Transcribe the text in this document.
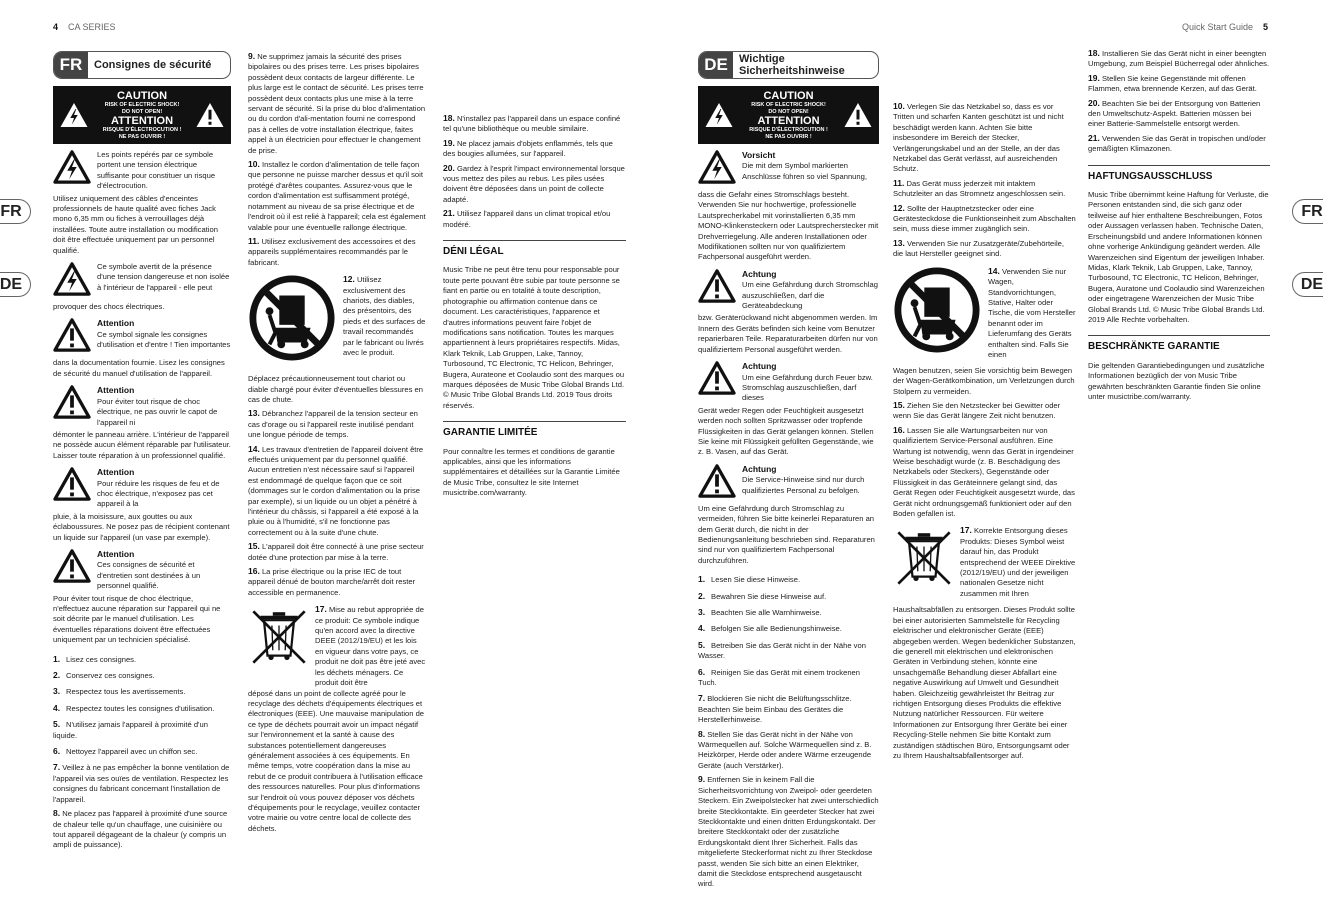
4 CA SERIES	Quick Start Guide 5
FR
DE
FR
DE
FR	Consignes de sécurité
CAUTION
RISK OF ELECTRIC SHOCK!
DO NOT OPEN!
ATTENTION
RISQUE D'ÉLECTROCUTION !
NE PAS OUVRIR !
Les points repérés par ce symbole portent une tension électrique suffisante pour constituer un risque d'électrocution.

Utilisez uniquement des câbles d'enceintes professionnels de haute qualité avec fiches Jack mono 6,35 mm ou fiches à verrouillages déjà installées. Toute autre installation ou modification doit être effectuée uniquement par un personnel qualifié.

Ce symbole avertit de la présence d'une tension dangereuse et non isolée à l'intérieur de l'appareil - elle peut

provoquer des chocs électriques.

Attention
Ce symbol signale les consignes d'utilisation et d'entre ! Tien importantes

dans la documentation fournie. Lisez les consignes de sécurité du manuel d'utilisation de l'appareil.

Attention
Pour éviter tout risque de choc électrique, ne pas ouvrir le capot de l'appareil ni

démonter le panneau arrière. L'intérieur de l'appareil ne possède aucun élément réparable par l'utilisateur. Laisser toute réparation à un professionnel qualifié.

Attention
Pour réduire les risques de feu et de choc électrique, n'exposez pas cet appareil à la

pluie, à la moisissure, aux gouttes ou aux éclaboussures. Ne posez pas de récipient contenant un liquide sur l'appareil (un vase par exemple).

Attention
Ces consignes de sécurité et d'entretien sont destinées à un personnel qualifié.

Pour éviter tout risque de choc électrique, n'effectuez aucune réparation sur l'appareil qui ne soit décrite par le manuel d'utilisation. Les éventuelles réparations doivent être effectuées uniquement par un technicien spécialisé.

1. Lisez ces consignes.
2. Conservez ces consignes.
3. Respectez tous les avertissements.
4. Respectez toutes les consignes d'utilisation.
5. N'utilisez jamais l'appareil à proximité d'un liquide.
6. Nettoyez l'appareil avec un chiffon sec.

7. Veillez à ne pas empêcher la bonne ventilation de l'appareil via ses ouïes de ventilation. Respectez les consignes du fabricant concernant l'installation de l'appareil.

8. Ne placez pas l'appareil à proximité d'une source de chaleur telle qu'un chauffage, une cuisinière ou tout appareil dégageant de la chaleur (y compris un ampli de puissance).

9. Ne supprimez jamais la sécurité des prises bipolaires ou des prises terre. Les prises bipolaires possèdent deux contacts de largeur différente. Le plus large est le contact de sécurité. Les prises terre possèdent deux contacts plus une mise à la terre servant de sécurité. Si la prise du bloc d'alimentation ou du cordon d'ali-mentation fourni ne correspond pas à celles de votre installation électrique, faites appel à un électricien pour effectuer le changement de prise.

10. Installez le cordon d'alimentation de telle façon que personne ne puisse marcher dessus et qu'il soit protégé d'arêtes coupantes. Assurez-vous que le cordon d'alimentation est suffisamment protégé, notamment au niveau de sa prise électrique et de l'endroit où il est relié à l'appareil; cela est également valable pour une éventuelle rallonge électrique.

11. Utilisez exclusivement des accessoires et des appareils supplémentaires recommandés par le fabricant.

12. Utilisez exclusivement des chariots, des diables, des présentoirs, des pieds et des surfaces de travail recommandés par le fabricant ou livrés avec le produit.

Déplacez précautionneusement tout chariot ou diable chargé pour éviter d'éventuelles blessures en cas de chute.

13. Débranchez l'appareil de la tension secteur en cas d'orage ou si l'appareil reste inutilisé pendant une longue période de temps.

14. Les travaux d'entretien de l'appareil doivent être effectués uniquement par du personnel qualifié. Aucun entretien n'est nécessaire sauf si l'appareil est endommagé de quelque façon que ce soit (dommages sur le cordon d'alimentation ou la prise par exemple), si un liquide ou un objet a pénétré à l'intérieur du châssis, si l'appareil a été exposé à la pluie ou à l'humidité, s'il ne fonctionne pas correctement ou à la suite d'une chute.

15. L'appareil doit être connecté à une prise secteur dotée d'une protection par mise à la terre.

16. La prise électrique ou la prise IEC de tout appareil dénué de bouton marche/arrêt doit rester accessible en permanence.

17. Mise au rebut appropriée de ce produit: Ce symbole indique qu'en accord avec la directive DEEE (2012/19/EU) et les lois en vigueur dans votre pays, ce produit ne doit pas être jeté avec les déchets ménagers. Ce produit doit être

déposé dans un point de collecte agréé pour le recyclage des déchets d'équipements électriques et électroniques (EEE). Une mauvaise manipulation de ce type de déchets pourrait avoir un impact négatif sur l'environnement et la santé à cause des substances potentiellement dangereuses généralement associées à ces équipements. En même temps, votre coopération dans la mise au rebut de ce produit contribuera à l'utilisation efficace des ressources naturelles. Pour plus d'informations sur l'endroit où vous pouvez déposer vos déchets d'équipements pour le recyclage, veuillez contacter votre mairie ou votre centre local de collecte des déchets.

18. N'installez pas l'appareil dans un espace confiné tel qu'une bibliothèque ou meuble similaire.

19. Ne placez jamais d'objets enflammés, tels que des bougies allumées, sur l'appareil.

20. Gardez à l'esprit l'impact environnemental lorsque vous mettez des piles au rebus. Les piles usées doivent être déposées dans un point de collecte adapté.

21. Utilisez l'appareil dans un climat tropical et/ou modéré.

DÉNI LÉGAL

Music Tribe ne peut être tenu pour responsable pour toute perte pouvant être subie par toute personne se fiant en partie ou en totalité à toute description, photographie ou affirmation contenue dans ce document. Les caractéristiques, l'apparence et d'autres informations peuvent faire l'objet de modifications sans notification. Toutes les marques appartiennent à leurs propriétaires respectifs. Midas, Klark Teknik, Lab Gruppen, Lake, Tannoy, Turbosound, TC Electronic, TC Helicon, Behringer, Bugera, Aurateone et Coolaudio sont des marques ou marques déposées de Music Tribe Global Brands Ltd. © Music Tribe Global Brands Ltd. 2019 Tous droits réservés.

GARANTIE LIMITÉE

Pour connaître les termes et conditions de garantie applicables, ainsi que les informations supplémentaires et détaillées sur la Garantie Limitée de Music Tribe, consultez le site Internet musictribe.com/warranty.

DE	Wichtige
Sicherheitshinweise
CAUTION
RISK OF ELECTRIC SHOCK!
DO NOT OPEN!
ATTENTION
RISQUE D'ÉLECTROCUTION !
NE PAS OUVRIR !
Vorsicht
Die mit dem Symbol markierten Anschlüsse führen so viel Spannung,

dass die Gefahr eines Stromschlags besteht. Verwenden Sie nur hochwertige, professionelle Lautsprecherkabel mit vorinstallierten 6,35 mm MONO-Klinkensteckern oder Lautsprecherstecker mit Drehverriegelung. Alle anderen Installationen oder Modifikationen sollten nur von qualifiziertem Fachpersonal ausgeführt werden.

Achtung
Um eine Gefährdung durch Stromschlag auszuschließen, darf die Geräteabdeckung

bzw. Geräterückwand nicht abgenommen werden. Im Innern des Geräts befinden sich keine vom Benutzer reparierbaren Teile. Reparaturarbeiten dürfen nur von qualifiziertem Personal ausgeführt werden.

Achtung
Um eine Gefährdung durch Feuer bzw. Stromschlag auszuschließen, darf dieses

Gerät weder Regen oder Feuchtigkeit ausgesetzt werden noch sollten Spritzwasser oder tropfende Flüssigkeiten in das Gerät gelangen können. Stellen Sie keine mit Flüssigkeit gefüllten Gegenstände, wie z. B. Vasen, auf das Gerät.

Achtung
Die Service-Hinweise sind nur durch qualifiziertes Personal zu befolgen.

Um eine Gefährdung durch Stromschlag zu vermeiden, führen Sie bitte keinerlei Reparaturen an dem Gerät durch, die nicht in der Bedienungsanleitung beschrieben sind. Reparaturen sind nur von qualifiziertem Fachpersonal durchzuführen.

1. Lesen Sie diese Hinweise.
2. Bewahren Sie diese Hinweise auf.
3. Beachten Sie alle Warnhinweise.
4. Befolgen Sie alle Bedienungshinweise.
5. Betreiben Sie das Gerät nicht in der Nähe von Wasser.
6. Reinigen Sie das Gerät mit einem trockenen Tuch.

7. Blockieren Sie nicht die Belüftungsschlitze. Beachten Sie beim Einbau des Gerätes die Herstellerhinweise.

8. Stellen Sie das Gerät nicht in der Nähe von Wärmequellen auf. Solche Wärmequellen sind z. B. Heizkörper, Herde oder andere Wärme erzeugende Geräte (auch Verstärker).

9. Entfernen Sie in keinem Fall die Sicherheitsvorrichtung von Zweipol- oder geerdeten Steckern. Ein Zweipolstecker hat zwei unterschiedlich breite Steckkontakte. Ein geerdeter Stecker hat zwei Steckkontakte und einen dritten Erdungskontakt. Der breitere Steckkontakt oder der zusätzliche Erdungskontakt dient Ihrer Sicherheit. Falls das mitgelieferte Steckerformat nicht zu Ihrer Steckdose passt, wenden Sie sich bitte an einen Elektriker, damit die Steckdose entsprechend ausgetauscht wird.

10. Verlegen Sie das Netzkabel so, dass es vor Tritten und scharfen Kanten geschützt ist und nicht beschädigt werden kann. Achten Sie bitte insbesondere im Bereich der Stecker, Verlängerungskabel und an der Stelle, an der das Netzkabel das Gerät verlässt, auf ausreichenden Schutz.

11. Das Gerät muss jederzeit mit intaktem Schutzleiter an das Stromnetz angeschlossen sein.

12. Sollte der Hauptnetzstecker oder eine Gerätesteckdose die Funktionseinheit zum Abschalten sein, muss diese immer zugänglich sein.

13. Verwenden Sie nur Zusatzgeräte/Zubehörteile, die laut Hersteller geeignet sind.

14. Verwenden Sie nur Wagen, Standvorrichtungen, Stative, Halter oder Tische, die vom Hersteller benannt oder im Lieferumfang des Geräts enthalten sind. Falls Sie einen

Wagen benutzen, seien Sie vorsichtig beim Bewegen der Wagen-Gerätkombination, um Verletzungen durch Stolpern zu vermeiden.

15. Ziehen Sie den Netzstecker bei Gewitter oder wenn Sie das Gerät längere Zeit nicht benutzen.

16. Lassen Sie alle Wartungsarbeiten nur von qualifiziertem Service-Personal ausführen. Eine Wartung ist notwendig, wenn das Gerät in irgendeiner Weise beschädigt wurde (z. B. Beschädigung des Netzkabels oder Steckers), Gegenstände oder Flüssigkeit in das Geräteinnere gelangt sind, das Gerät Regen oder Feuchtigkeit ausgesetzt wurde, das Gerät nicht ordnungsgemäß funktioniert oder auf den Boden gefallen ist.

17. Korrekte Entsorgung dieses Produkts: Dieses Symbol weist darauf hin, das Produkt entsprechend der WEEE Direktive (2012/19/EU) und der jeweiligen nationalen Gesetze nicht zusammen mit Ihren

Haushaltsabfällen zu entsorgen. Dieses Produkt sollte bei einer autorisierten Sammelstelle für Recycling elektrischer und elektronischer Geräte (EEE) abgegeben werden. Wegen bedenklicher Substanzen, die generell mit elektrischen und elektronischen Geräten in Verbindung stehen, könnte eine unsachgemäße Behandlung dieser Abfallart eine negative Auswirkung auf Umwelt und Gesundheit haben. Gleichzeitig gewährleistet Ihr Beitrag zur richtigen Entsorgung dieses Produkts die effektive Nutzung natürlicher Ressourcen. Für weitere Informationen zur Entsorgung Ihrer Geräte bei einer Recycling-Stelle nehmen Sie bitte Kontakt zum zuständigen städtischen Büro, Entsorgungsamt oder zu Ihrem Haushaltsabfallentsorger auf.

18. Installieren Sie das Gerät nicht in einer beengten Umgebung, zum Beispiel Bücherregal oder ähnliches.

19. Stellen Sie keine Gegenstände mit offenen Flammen, etwa brennende Kerzen, auf das Gerät.

20. Beachten Sie bei der Entsorgung von Batterien den Umweltschutz-Aspekt. Batterien müssen bei einer Batterie-Sammelstelle entsorgt werden.

21. Verwenden Sie das Gerät in tropischen und/oder gemäßigten Klimazonen.

HAFTUNGSAUSSCHLUSS

Music Tribe übernimmt keine Haftung für Verluste, die Personen entstanden sind, die sich ganz oder teilweise auf hier enthaltene Beschreibungen, Fotos oder Aussagen verlassen haben. Technische Daten, Erscheinungsbild und andere Informationen können ohne vorherige Ankündigung geändert werden. Alle Warenzeichen sind Eigentum der jeweiligen Inhaber. Midas, Klark Teknik, Lab Gruppen, Lake, Tannoy, Turbosound, TC Electronic, TC Helicon, Behringer, Bugera, Auratone und Coolaudio sind Warenzeichen oder eingetragene Warenzeichen der Music Tribe Global Brands Ltd. © Music Tribe Global Brands Ltd. 2019 Alle Rechte vorbehalten.

BESCHRÄNKTE GARANTIE

Die geltenden Garantiebedingungen und zusätzliche Informationen bezüglich der von Music Tribe gewährten beschränkten Garantie finden Sie online unter musictribe.com/warranty.
